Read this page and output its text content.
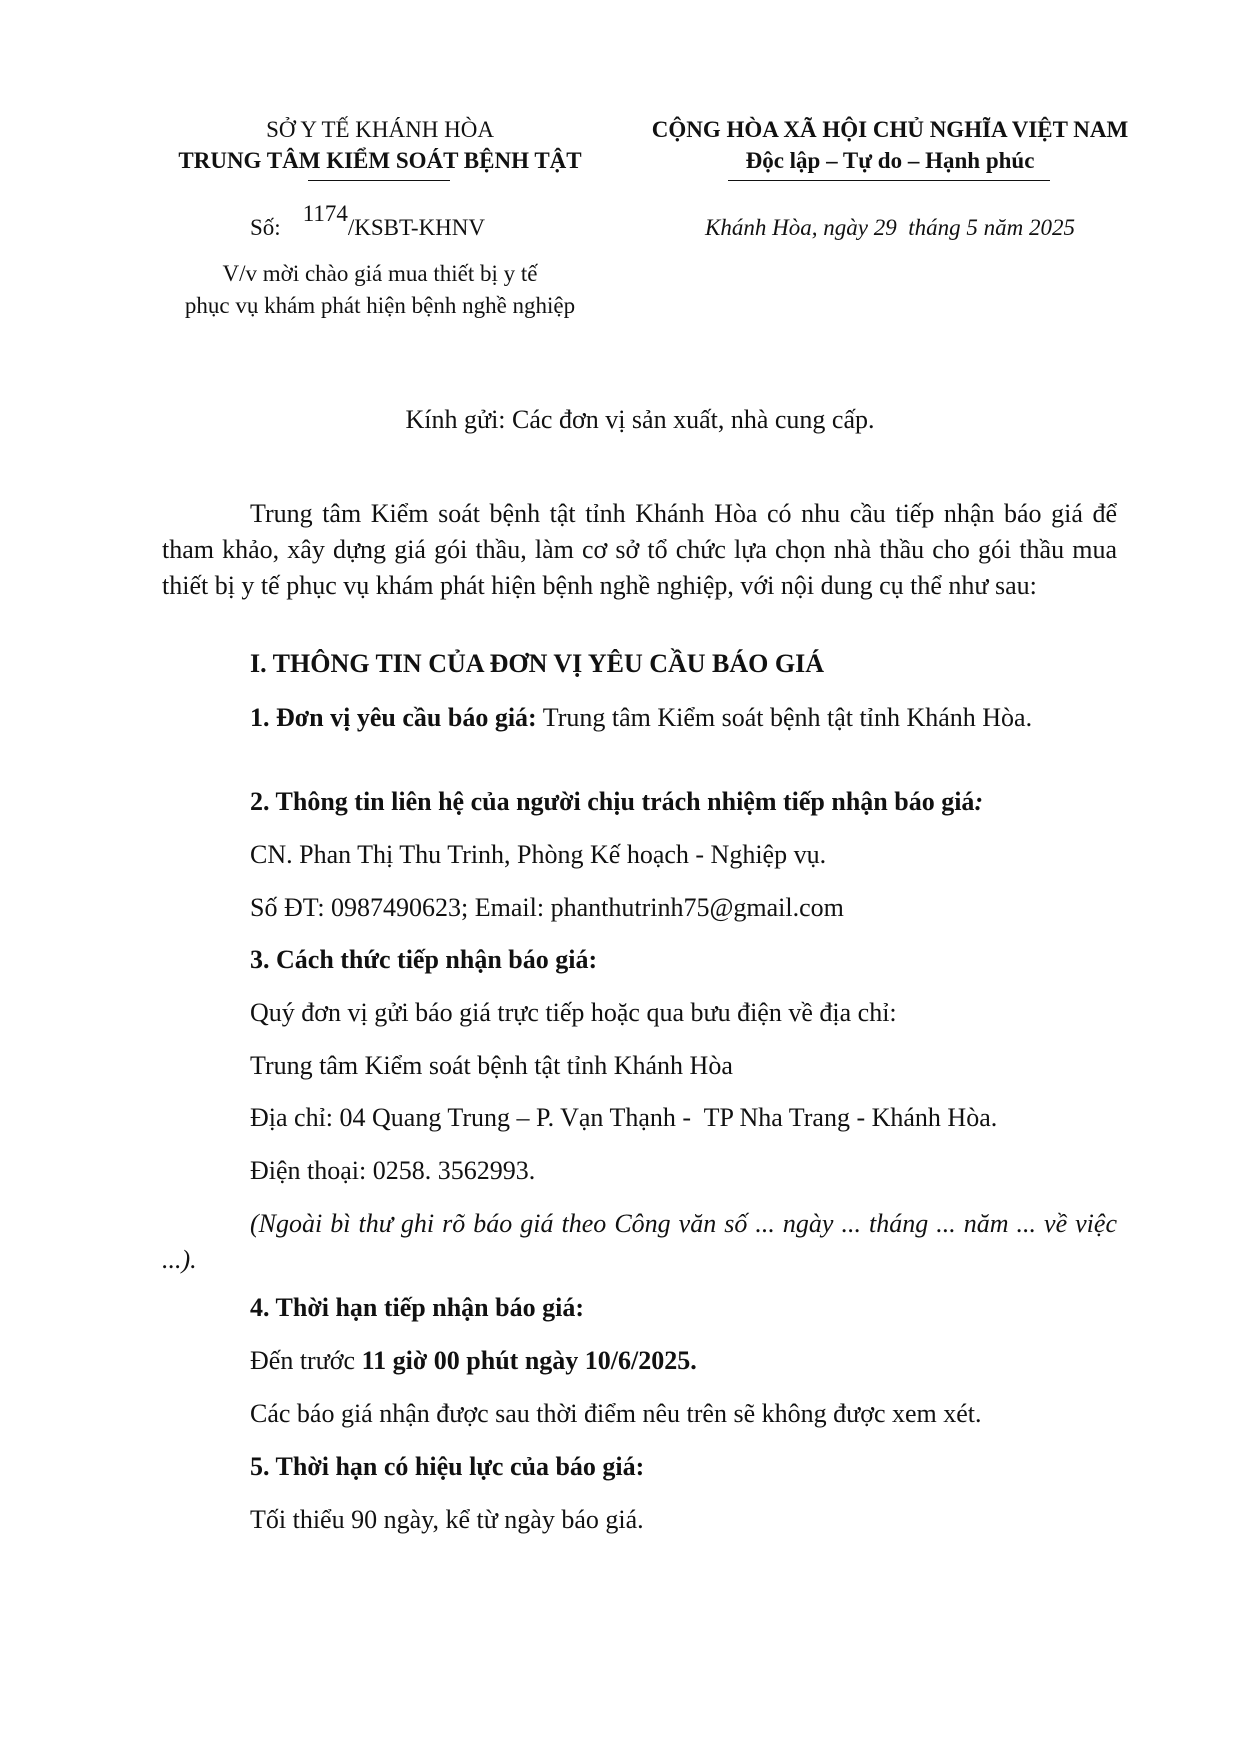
SỞ Y TẾ KHÁNH HÒA
TRUNG TÂM KIỂM SOÁT BỆNH TẬT
Số:$^{1174}$/KSBT-KHNV
V/v mời chào giá mua thiết bị y tế
phục vụ khám phát hiện bệnh nghề nghiệp
CỘNG HÒA XÃ HỘI CHỦ NGHĨA VIỆT NAM
Độc lập – Tự do – Hạnh phúc
Khánh Hòa, ngày 29  tháng 5 năm 2025
Kính gửi: Các đơn vị sản xuất, nhà cung cấp.
Trung tâm Kiểm soát bệnh tật tỉnh Khánh Hòa có nhu cầu tiếp nhận báo giá để tham khảo, xây dựng giá gói thầu, làm cơ sở tổ chức lựa chọn nhà thầu cho gói thầu mua thiết bị y tế phục vụ khám phát hiện bệnh nghề nghiệp, với nội dung cụ thể như sau:
I. THÔNG TIN CỦA ĐƠN VỊ YÊU CẦU BÁO GIÁ
1. Đơn vị yêu cầu báo giá: Trung tâm Kiểm soát bệnh tật tỉnh Khánh Hòa.
2. Thông tin liên hệ của người chịu trách nhiệm tiếp nhận báo giá:
CN. Phan Thị Thu Trinh, Phòng Kế hoạch - Nghiệp vụ.
Số ĐT: 0987490623; Email: phanthutrinh75@gmail.com
3. Cách thức tiếp nhận báo giá:
Quý đơn vị gửi báo giá trực tiếp hoặc qua bưu điện về địa chỉ:
Trung tâm Kiểm soát bệnh tật tỉnh Khánh Hòa
Địa chỉ: 04 Quang Trung – P. Vạn Thạnh -  TP Nha Trang - Khánh Hòa.
Điện thoại: 0258. 3562993.
(Ngoài bì thư ghi rõ báo giá theo Công văn số ... ngày ... tháng ... năm ... về việc ...).
4. Thời hạn tiếp nhận báo giá:
Đến trước 11 giờ 00 phút ngày 10/6/2025.
Các báo giá nhận được sau thời điểm nêu trên sẽ không được xem xét.
5. Thời hạn có hiệu lực của báo giá:
Tối thiểu 90 ngày, kể từ ngày báo giá.
